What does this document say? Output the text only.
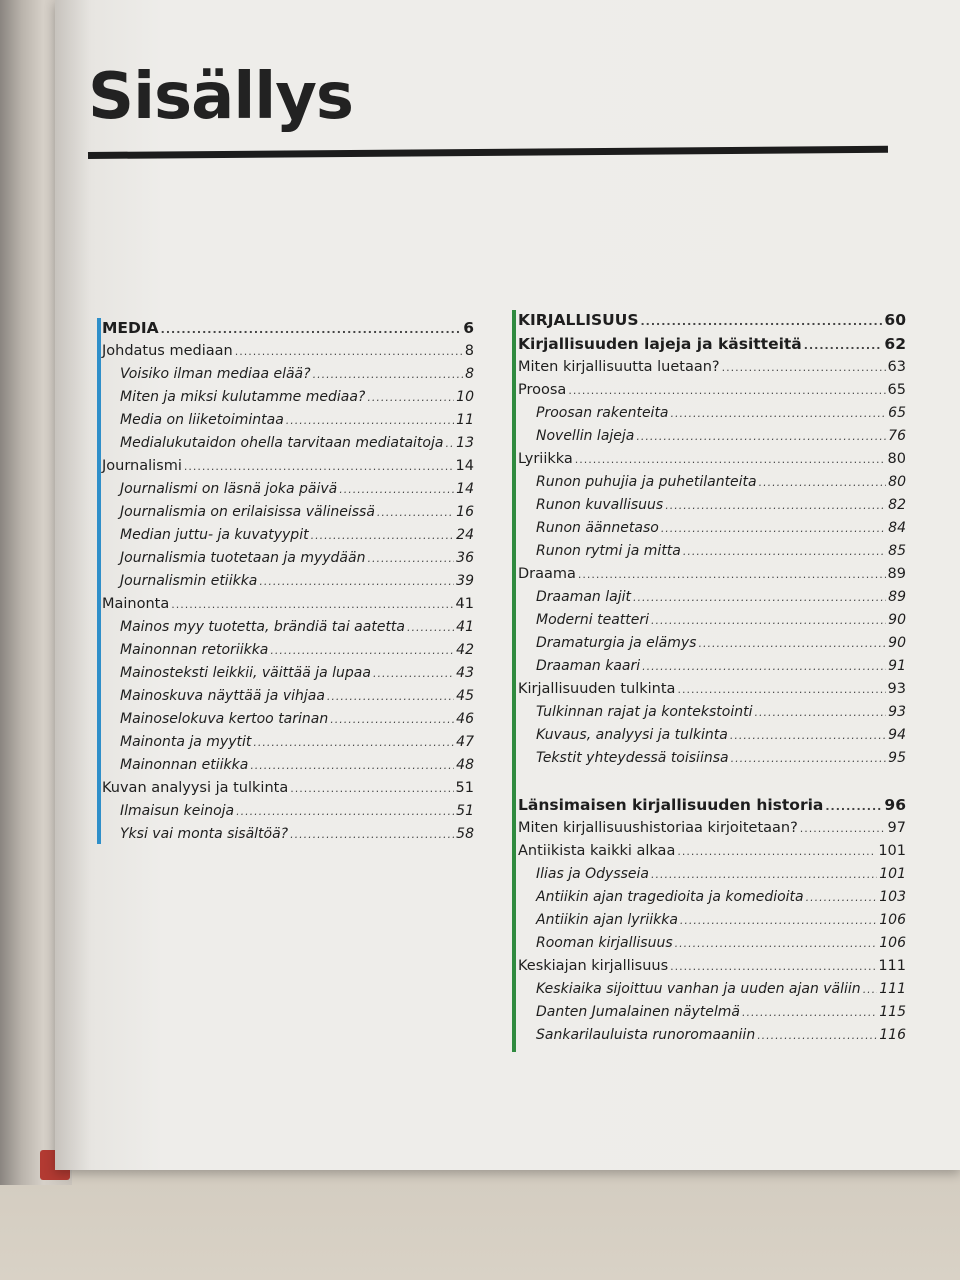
Sisällys
MEDIA .....	6
Johdatus mediaan .....	8
Voisiko ilman mediaa elää? .....	8
Miten ja miksi kulutamme mediaa? .....	10
Media on liiketoimintaa .....	11
Medialukutaidon ohella tarvitaan mediataitoja ..... 13
Journalismi .....	14
Journalismi on läsnä joka päivä .....	14
Journalismia on erilaisissa välineissä .....	16
Median juttu- ja kuvatyypit .....	24
Journalismia tuotetaan ja myydään .....	36
Journalismin etiikka .....	39
Mainonta .....	41
Mainos myy tuotetta, brändiä tai aatetta .....	41
Mainonnan retoriikka .....	42
Mainosteksti leikkii, väittää ja lupaa .....	43
Mainoskuva näyttää ja vihjaa .....	45
Mainoselokuva kertoo tarinan .....	46
Mainonta ja myytit .....	47
Mainonnan etiikka .....	48
Kuvan analyysi ja tulkinta .....	51
Ilmaisun keinoja .....	51
Yksi vai monta sisältöä? .....	58
KIRJALLISUUS .....	60
Kirjallisuuden lajeja ja käsitteitä .....	62
Miten kirjallisuutta luetaan? .....	63
Proosa .....	65
Proosan rakenteita .....	65
Novellin lajeja .....	76
Lyriikka .....	80
Runon puhujia ja puhetilanteita .....	80
Runon kuvallisuus .....	82
Runon äännetaso .....	84
Runon rytmi ja mitta .....	85
Draama .....	89
Draaman lajit .....	89
Moderni teatteri .....	90
Dramaturgia ja elämys .....	90
Draaman kaari .....	91
Kirjallisuuden tulkinta .....	93
Tulkinnan rajat ja kontekstointi .....	93
Kuvaus, analyysi ja tulkinta .....	94
Tekstit yhteydessä toisiinsa .....	95
Länsimaisen kirjallisuuden historia .....	96
Miten kirjallisuushistoriaa kirjoitetaan? .....	97
Antiikista kaikki alkaa .....	101
Ilias ja Odysseia .....	101
Antiikin ajan tragedioita ja komedioita .....	103
Antiikin ajan lyriikka .....	106
Rooman kirjallisuus .....	106
Keskiajan kirjallisuus .....	111
Keskiaika sijoittuu vanhan ja uuden ajan väliin ..... 111
Danten Jumalainen näytelmä .....	115
Sankarilauluista runoromaaniin .....	116
